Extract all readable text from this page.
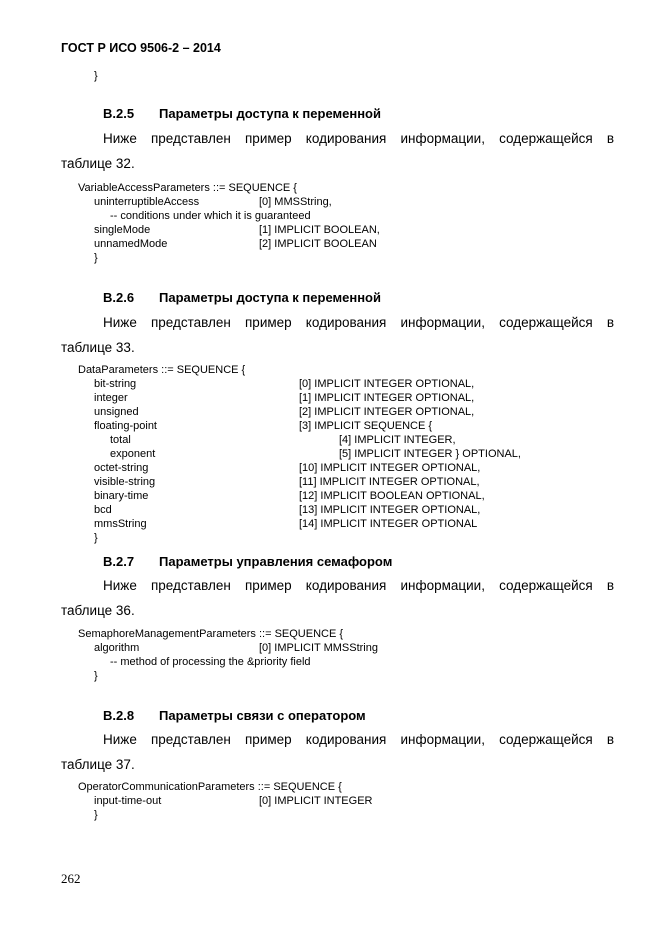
ГОСТ Р ИСО 9506-2 – 2014
}

B.2.5

Параметры доступа к переменной

Ниже представлен пример кодирования информации, содержащейся в
таблице 32.
VariableAccessParameters ::= SEQUENCE {
uninterruptibleAccess	[0] MMSString,
-- conditions under which it is guaranteed
singleMode	[1] IMPLICIT BOOLEAN,
unnamedMode	[2] IMPLICIT BOOLEAN
}

B.2.6

Параметры доступа к переменной

Ниже представлен пример кодирования информации, содержащейся в
таблице 33.
DataParameters ::= SEQUENCE {
bit-string	[0] IMPLICIT INTEGER OPTIONAL,
integer	[1] IMPLICIT INTEGER OPTIONAL,
unsigned	[2] IMPLICIT INTEGER OPTIONAL,
floating-point	[3] IMPLICIT SEQUENCE {
total	[4] IMPLICIT INTEGER,
exponent	[5] IMPLICIT INTEGER } OPTIONAL,
octet-string	[10] IMPLICIT INTEGER OPTIONAL,
visible-string	[11] IMPLICIT INTEGER OPTIONAL,
binary-time	[12] IMPLICIT BOOLEAN OPTIONAL,
bcd	[13] IMPLICIT INTEGER OPTIONAL,
mmsString	[14] IMPLICIT INTEGER OPTIONAL
}

B.2.7

Параметры управления семафором

Ниже представлен пример кодирования информации, содержащейся в
таблице 36.
SemaphoreManagementParameters ::= SEQUENCE {
algorithm	[0] IMPLICIT MMSString
-- method of processing the &priority field
}

B.2.8

Параметры связи с оператором

Ниже представлен пример кодирования информации, содержащейся в
таблице 37.
OperatorCommunicationParameters ::= SEQUENCE {
input-time-out	[0] IMPLICIT INTEGER
}
262
